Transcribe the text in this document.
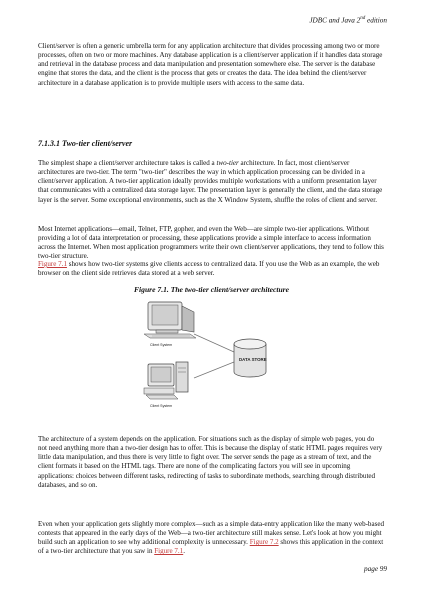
JDBC and Java 2nd edition

Client/server is often a generic umbrella term for any application architecture that divides processing among two or more processes, often on two or more machines. Any database application is a client/server application if it handles data storage and retrieval in the database process and data manipulation and presentation somewhere else. The server is the database engine that stores the data, and the client is the process that gets or creates the data. The idea behind the client/server architecture in a database application is to provide multiple users with access to the same data.

7.1.3.1 Two-tier client/server

The simplest shape a client/server architecture takes is called a two-tier architecture. In fact, most client/server architectures are two-tier. The term "two-tier" describes the way in which application processing can be divided in a client/server application. A two-tier application ideally provides multiple workstations with a uniform presentation layer that communicates with a centralized data storage layer. The presentation layer is generally the client, and the data storage layer is the server. Some exceptional environments, such as the X Window System, shuffle the roles of client and server.

Most Internet applications—email, Telnet, FTP, gopher, and even the Web—are simple two-tier applications. Without providing a lot of data interpretation or processing, these applications provide a simple interface to access information across the Internet. When most application programmers write their own client/server applications, they tend to follow this two-tier structure.

Figure 7.1 shows how two-tier systems give clients access to centralized data. If you use the Web as an example, the web browser on the client side retrieves data stored at a web server.

Figure 7.1. The two-tier client/server architecture
Client System
DATA STORE
Client System

The architecture of a system depends on the application. For situations such as the display of simple web pages, you do not need anything more than a two-tier design has to offer. This is because the display of static HTML pages requires very little data manipulation, and thus there is very little to fight over. The server sends the page as a stream of text, and the client formats it based on the HTML tags. There are none of the complicating factors you will see in upcoming applications: choices between different tasks, redirecting of tasks to subordinate methods, searching through distributed databases, and so on.

Even when your application gets slightly more complex—such as a simple data-entry application like the many web-based contests that appeared in the early days of the Web—a two-tier architecture still makes sense. Let's look at how you might build such an application to see why additional complexity is unnecessary. Figure 7.2 shows this application in the context of a two-tier architecture that you saw in Figure 7.1.

page 99
